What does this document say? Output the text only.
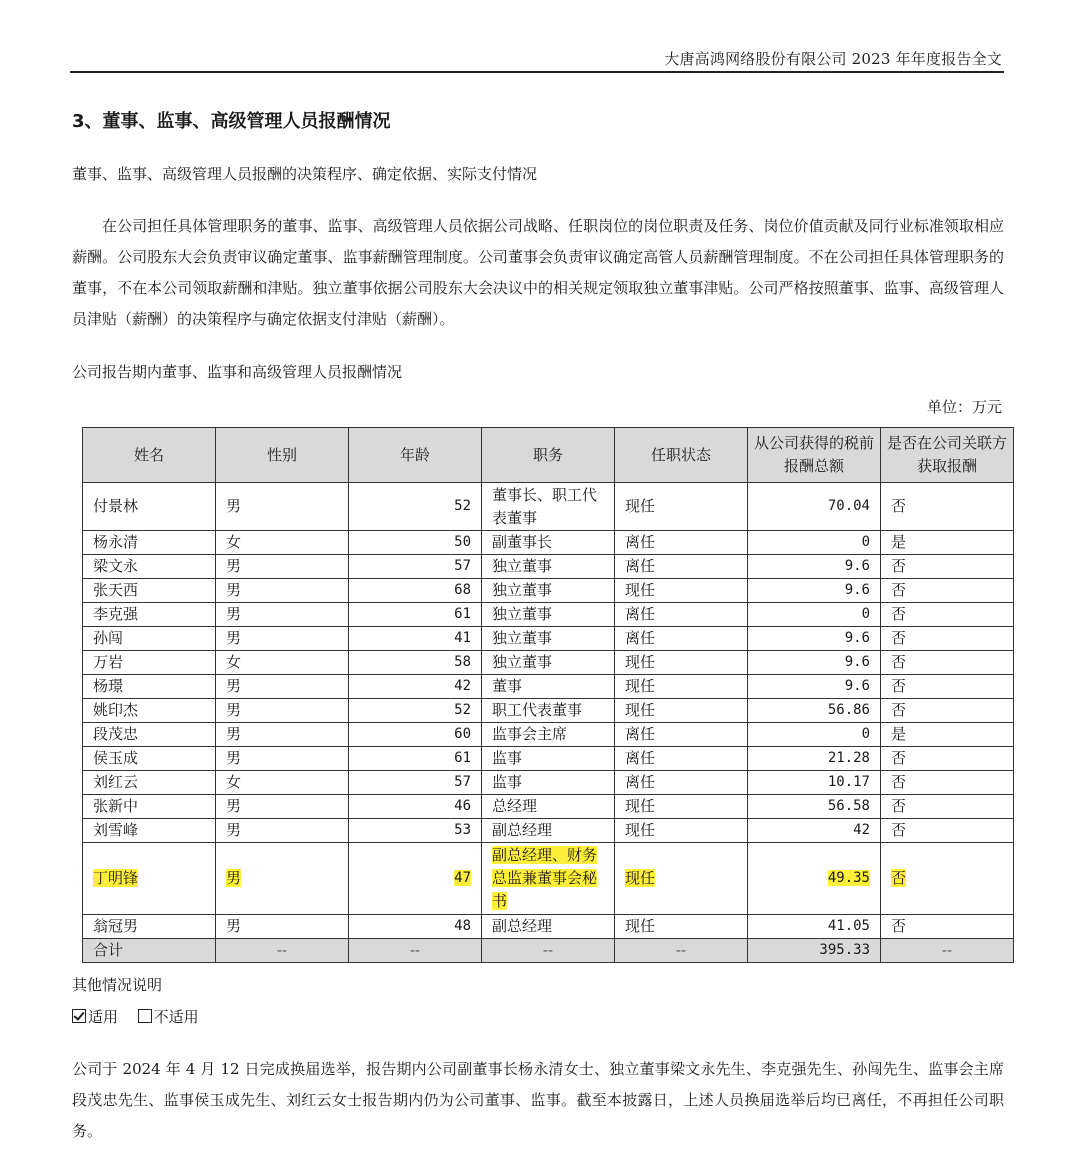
大唐高鸿网络股份有限公司 2023 年年度报告全文
3、董事、监事、高级管理人员报酬情况
董事、监事、高级管理人员报酬的决策程序、确定依据、实际支付情况
在公司担任具体管理职务的董事、监事、高级管理人员依据公司战略、任职岗位的岗位职责及任务、岗位价值贡献及同行业标准领取相应薪酬。公司股东大会负责审议确定董事、监事薪酬管理制度。公司董事会负责审议确定高管人员薪酬管理制度。不在公司担任具体管理职务的董事，不在本公司领取薪酬和津贴。独立董事依据公司股东大会决议中的相关规定领取独立董事津贴。公司严格按照董事、监事、高级管理人员津贴（薪酬）的决策程序与确定依据支付津贴（薪酬）。
公司报告期内董事、监事和高级管理人员报酬情况
单位：万元
姓名	性别	年龄	职务	任职状态	从公司获得的税前报酬总额	是否在公司关联方获取报酬
付景林	男	52	董事长、职工代表董事	现任	70.04	否
杨永清	女	50	副董事长	离任	0	是
梁文永	男	57	独立董事	离任	9.6	否
张天西	男	68	独立董事	现任	9.6	否
李克强	男	61	独立董事	离任	0	否
孙闯	男	41	独立董事	离任	9.6	否
万岩	女	58	独立董事	现任	9.6	否
杨璟	男	42	董事	现任	9.6	否
姚印杰	男	52	职工代表董事	现任	56.86	否
段茂忠	男	60	监事会主席	离任	0	是
侯玉成	男	61	监事	离任	21.28	否
刘红云	女	57	监事	离任	10.17	否
张新中	男	46	总经理	现任	56.58	否
刘雪峰	男	53	副总经理	现任	42	否
丁明锋	男	47	副总经理、财务总监兼董事会秘书	现任	49.35	否
翁冠男	男	48	副总经理	现任	41.05	否
合计	--	--	--	--	395.33	--
其他情况说明
适用 不适用
公司于 2024 年 4 月 12 日完成换届选举，报告期内公司副董事长杨永清女士、独立董事梁文永先生、李克强先生、孙闯先生、监事会主席段茂忠先生、监事侯玉成先生、刘红云女士报告期内仍为公司董事、监事。截至本披露日，上述人员换届选举后均已离任，不再担任公司职务。
